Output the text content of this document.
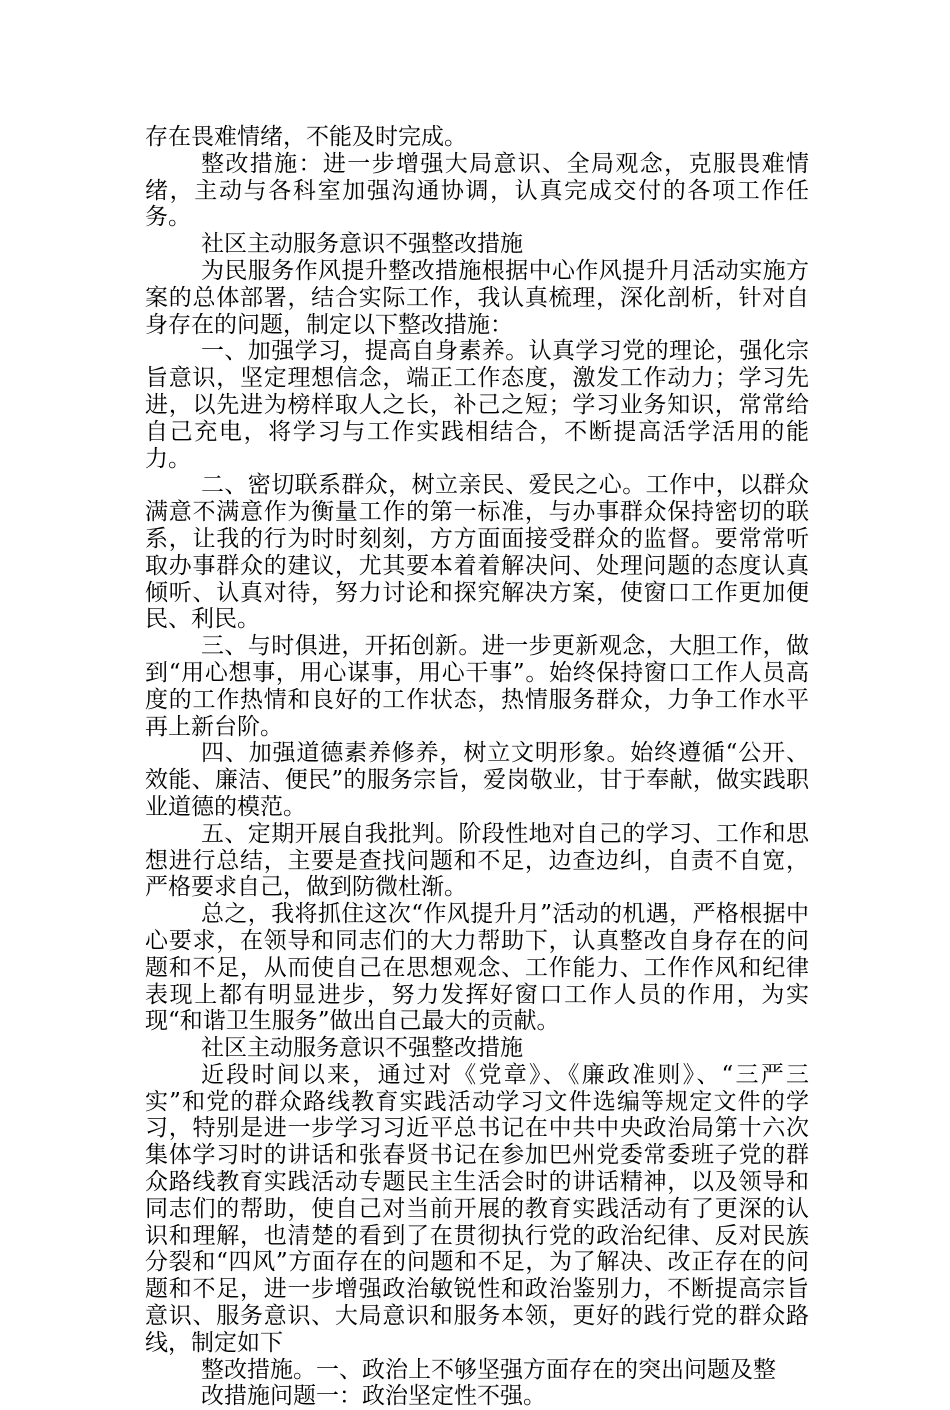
存在畏难情绪，不能及时完成。

整改措施：进一步增强大局意识、全局观念，克服畏难情绪，主动与各科室加强沟通协调，认真完成交付的各项工作任务。

社区主动服务意识不强整改措施

为民服务作风提升整改措施根据中心作风提升月活动实施方案的总体部署，结合实际工作，我认真梳理，深化剖析，针对自身存在的问题，制定以下整改措施：

一、加强学习，提高自身素养。认真学习党的理论，强化宗旨意识，坚定理想信念，端正工作态度，激发工作动力；学习先进，以先进为榜样取人之长，补己之短；学习业务知识，常常给自己充电，将学习与工作实践相结合，不断提高活学活用的能力。

二、密切联系群众，树立亲民、爱民之心。工作中，以群众满意不满意作为衡量工作的第一标准，与办事群众保持密切的联系，让我的行为时时刻刻，方方面面接受群众的监督。要常常听取办事群众的建议，尤其要本着着解决问、处理问题的态度认真倾听、认真对待，努力讨论和探究解决方案，使窗口工作更加便民、利民。

三、与时俱进，开拓创新。进一步更新观念，大胆工作，做到“用心想事，用心谋事，用心干事”。始终保持窗口工作人员高度的工作热情和良好的工作状态，热情服务群众，力争工作水平再上新台阶。

四、加强道德素养修养，树立文明形象。始终遵循“公开、效能、廉洁、便民”的服务宗旨，爱岗敬业，甘于奉献，做实践职业道德的模范。

五、定期开展自我批判。阶段性地对自己的学习、工作和思想进行总结，主要是查找问题和不足，边查边纠，自责不自宽，严格要求自己，做到防微杜渐。

总之，我将抓住这次“作风提升月”活动的机遇，严格根据中心要求，在领导和同志们的大力帮助下，认真整改自身存在的问题和不足，从而使自己在思想观念、工作能力、工作作风和纪律表现上都有明显进步，努力发挥好窗口工作人员的作用，为实现“和谐卫生服务”做出自己最大的贡献。

社区主动服务意识不强整改措施

近段时间以来，通过对《党章》、《廉政准则》、“三严三实”和党的群众路线教育实践活动学习文件选编等规定文件的学习，特别是进一步学习习近平总书记在中共中央政治局第十六次集体学习时的讲话和张春贤书记在参加巴州党委常委班子党的群众路线教育实践活动专题民主生活会时的讲话精神，以及领导和同志们的帮助，使自己对当前开展的教育实践活动有了更深的认识和理解，也清楚的看到了在贯彻执行党的政治纪律、反对民族分裂和“四风”方面存在的问题和不足，为了解决、改正存在的问题和不足，进一步增强政治敏锐性和政治鉴别力，不断提高宗旨意识、服务意识、大局意识和服务本领，更好的践行党的群众路线，制定如下

整改措施。一、政治上不够坚强方面存在的突出问题及整

改措施问题一：政治坚定性不强。
